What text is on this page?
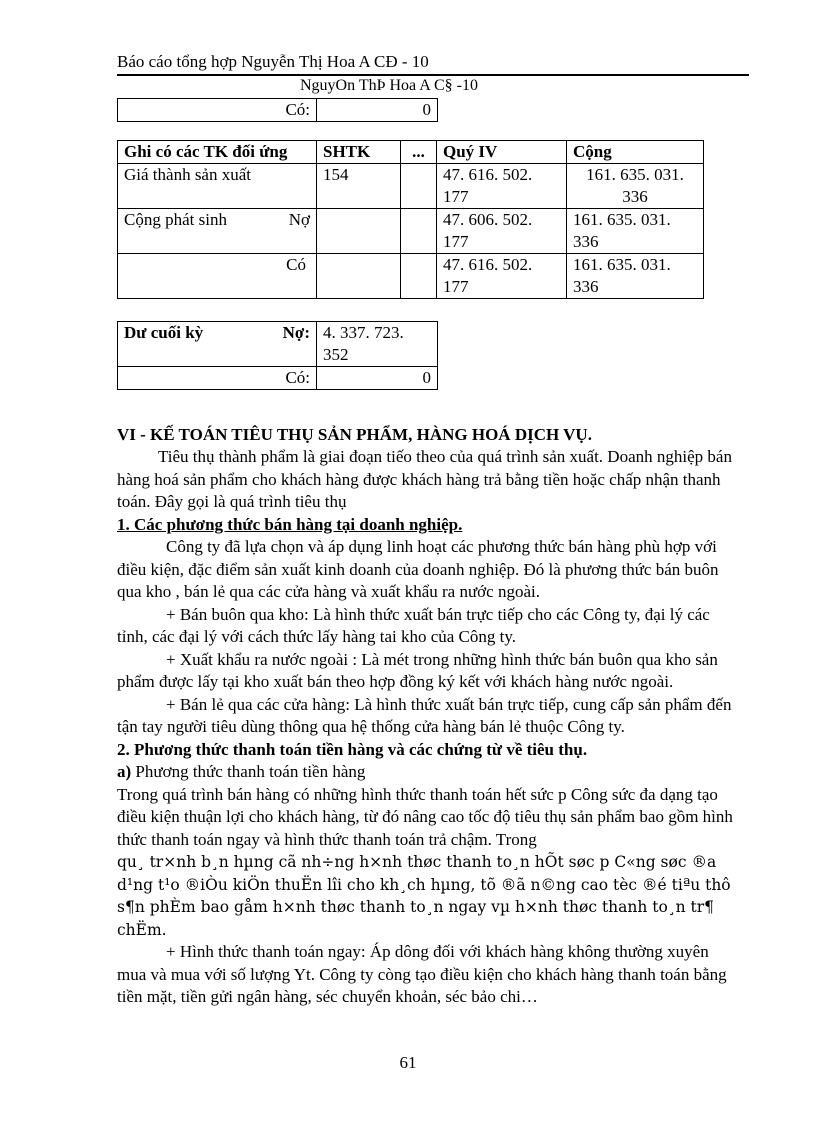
Báo cáo tổng hợp Nguyễn Thị Hoa A CĐ - 10
NguyOn ThÞ Hoa A C§ -10
Có:	0
Ghi có các TK đối ứng	SHTK	...	Quý IV	Cộng
Giá thành sản xuất	154		47. 616. 502. 177	161. 635. 031. 336

Cộng phát sinh Nợ			47. 606. 502. 177	161. 635. 031. 336
Có			47. 616. 502. 177	161. 635. 031. 336
Dư cuối kỳ Nợ:	4. 337. 723. 352
Có:	0
VI - KẾ TOÁN TIÊU THỤ SẢN PHẨM, HÀNG HOÁ DỊCH VỤ.

Tiêu thụ thành phẩm là giai đoạn tiếo theo của quá trình sản xuất. Doanh nghiệp bán hàng hoá sản phẩm cho khách hàng được khách hàng trả bằng tiền hoặc chấp nhận thanh toán. Đây gọi là quá trình tiêu thụ

1. Các phương thức bán hàng tại doanh nghiệp.

Công ty đã lựa chọn và áp dụng linh hoạt các phương thức bán hàng phù hợp với điều kiện, đặc điểm sản xuất kinh doanh của doanh nghiệp. Đó là phương thức bán buôn qua kho , bán lẻ qua các cửa hàng và xuất khẩu ra nước ngoài.

+ Bán buôn qua kho: Là hình thức xuất bán trực tiếp cho các Công ty, đại lý các tỉnh, các đại lý với cách thức lấy hàng tai kho của Công ty.

+ Xuất khẩu ra nước ngoài : Là mét trong những hình thức bán buôn qua kho sản phẩm được lấy tại kho xuất bán theo hợp đồng ký kết với khách hàng nước ngoài.

+ Bán lẻ qua các cửa hàng: Là hình thức xuất bán trực tiếp, cung cấp sản phẩm đến tận tay người tiêu dùng thông qua hệ thống cửa hàng bán lẻ thuộc Công ty.

2. Phương thức thanh toán tiền hàng và các chứng từ về tiêu thụ.

a) Phương thức thanh toán tiền hàng

Trong quá trình bán hàng có những hình thức thanh toán hết sức p Công sức đa dạng tạo điều kiện thuận lợi cho khách hàng, từ đó nâng cao tốc độ tiêu thụ sản phẩm bao gồm hình thức thanh toán ngay và hình thức thanh toán trả chậm. Trong

qu¸ tr×nh b¸n hµng cã nh÷ng h×nh thøc thanh to¸n hÕt søc p C«ng søc ®a d¹ng t¹o ®iÒu kiÖn thuËn lîi cho kh¸ch hµng, tõ ®ã n©ng cao tèc ®é tiªu thô s¶n phÈm bao gåm h×nh thøc thanh to¸n ngay vµ h×nh thøc thanh to¸n tr¶ chËm.

+ Hình thức thanh toán ngay: Áp dông đối với khách hàng không thường xuyên mua và mua với số lượng Yt. Công ty còng tạo điều kiện cho khách hàng thanh toán bằng tiền mặt, tiền gửi ngân hàng, séc chuyển khoản, séc bảo chi…

61
